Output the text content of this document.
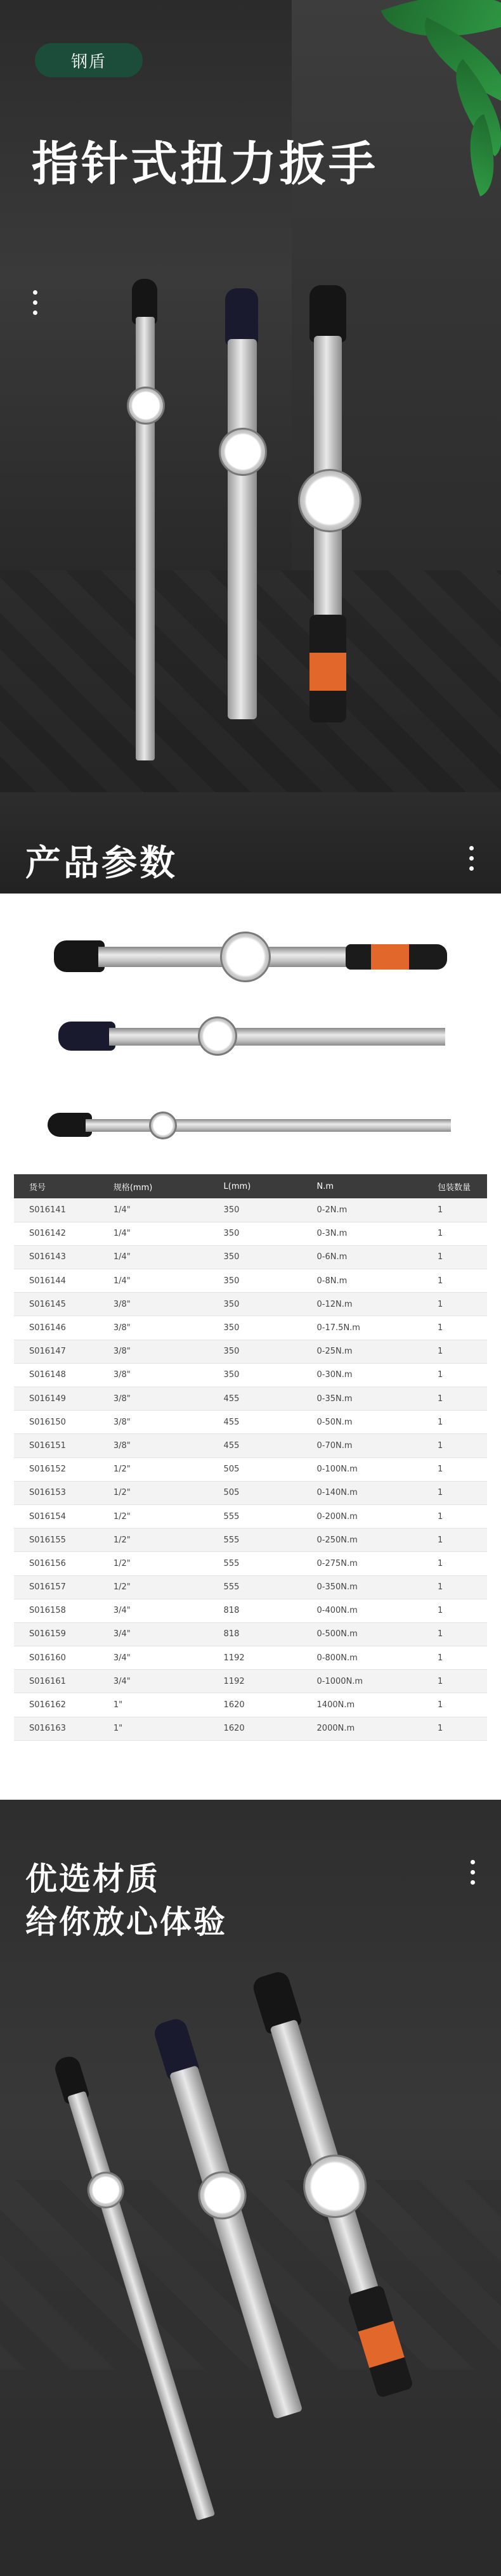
钢盾
指针式扭力扳手
产品参数
货号	规格(mm)	L(mm)	N.m	包装数量
S016141	1/4"	350	0-2N.m	1
S016142	1/4"	350	0-3N.m	1
S016143	1/4"	350	0-6N.m	1
S016144	1/4"	350	0-8N.m	1
S016145	3/8"	350	0-12N.m	1
S016146	3/8"	350	0-17.5N.m	1
S016147	3/8"	350	0-25N.m	1
S016148	3/8"	350	0-30N.m	1
S016149	3/8"	455	0-35N.m	1
S016150	3/8"	455	0-50N.m	1
S016151	3/8"	455	0-70N.m	1
S016152	1/2"	505	0-100N.m	1
S016153	1/2"	505	0-140N.m	1
S016154	1/2"	555	0-200N.m	1
S016155	1/2"	555	0-250N.m	1
S016156	1/2"	555	0-275N.m	1
S016157	1/2"	555	0-350N.m	1
S016158	3/4"	818	0-400N.m	1
S016159	3/4"	818	0-500N.m	1
S016160	3/4"	1192	0-800N.m	1
S016161	3/4"	1192	0-1000N.m	1
S016162	1"	1620	1400N.m	1
S016163	1"	1620	2000N.m	1
优选材质
给你放心体验
